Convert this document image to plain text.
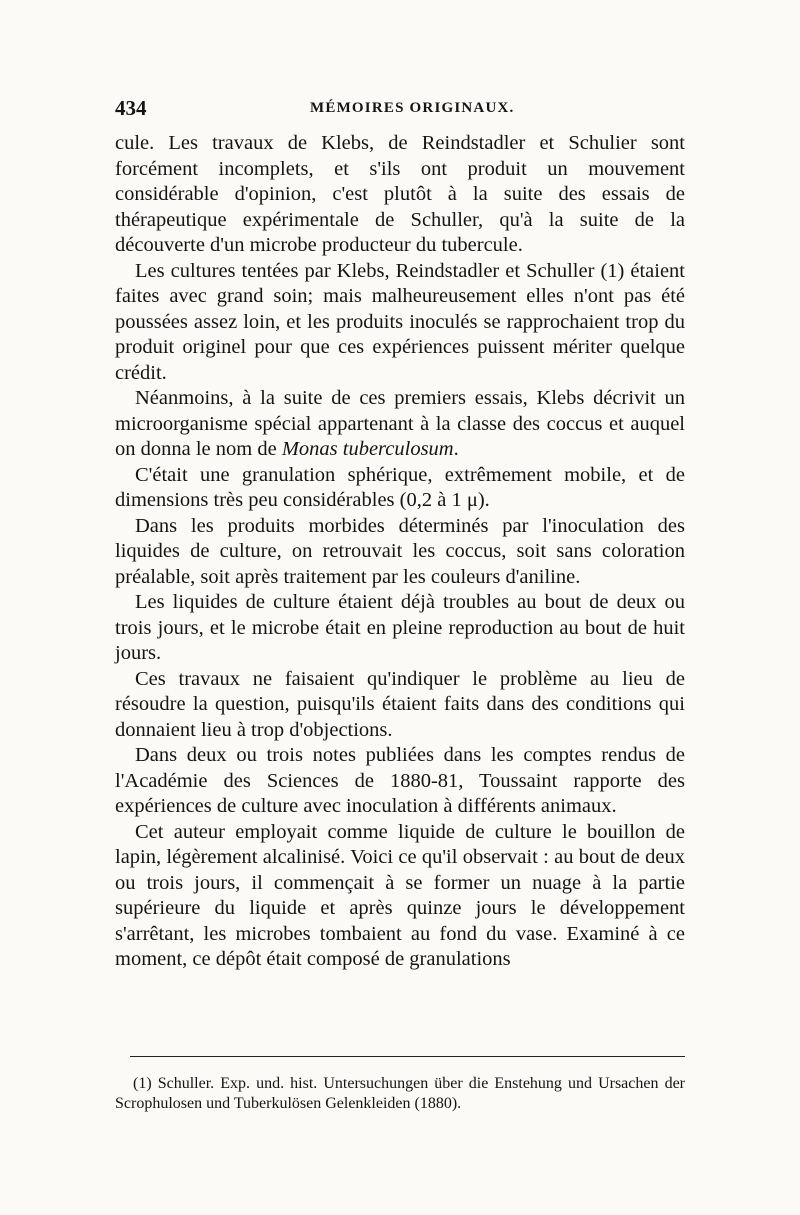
434	MÉMOIRES ORIGINAUX.

cule. Les travaux de Klebs, de Reindstadler et Schulier sont forcément incomplets, et s'ils ont produit un mouvement considérable d'opinion, c'est plutôt à la suite des essais de thérapeutique expérimentale de Schuller, qu'à la suite de la découverte d'un microbe producteur du tubercule.

Les cultures tentées par Klebs, Reindstadler et Schuller (1) étaient faites avec grand soin; mais malheureusement elles n'ont pas été poussées assez loin, et les produits inoculés se rapprochaient trop du produit originel pour que ces expériences puissent mériter quelque crédit.

Néanmoins, à la suite de ces premiers essais, Klebs décrivit un microorganisme spécial appartenant à la classe des coccus et auquel on donna le nom de Monas tuberculosum.

C'était une granulation sphérique, extrêmement mobile, et de dimensions très peu considérables (0,2 à 1 μ).

Dans les produits morbides déterminés par l'inoculation des liquides de culture, on retrouvait les coccus, soit sans coloration préalable, soit après traitement par les couleurs d'aniline.

Les liquides de culture étaient déjà troubles au bout de deux ou trois jours, et le microbe était en pleine reproduction au bout de huit jours.

Ces travaux ne faisaient qu'indiquer le problème au lieu de résoudre la question, puisqu'ils étaient faits dans des conditions qui donnaient lieu à trop d'objections.

Dans deux ou trois notes publiées dans les comptes rendus de l'Académie des Sciences de 1880-81, Toussaint rapporte des expériences de culture avec inoculation à différents animaux.

Cet auteur employait comme liquide de culture le bouillon de lapin, légèrement alcalinisé. Voici ce qu'il observait : au bout de deux ou trois jours, il commençait à se former un nuage à la partie supérieure du liquide et après quinze jours le développement s'arrêtant, les microbes tombaient au fond du vase. Examiné à ce moment, ce dépôt était composé de granulations

(1) Schuller. Exp. und. hist. Untersuchungen über die Enstehung und Ursachen der Scrophulosen und Tuberkulösen Gelenkleiden (1880).
